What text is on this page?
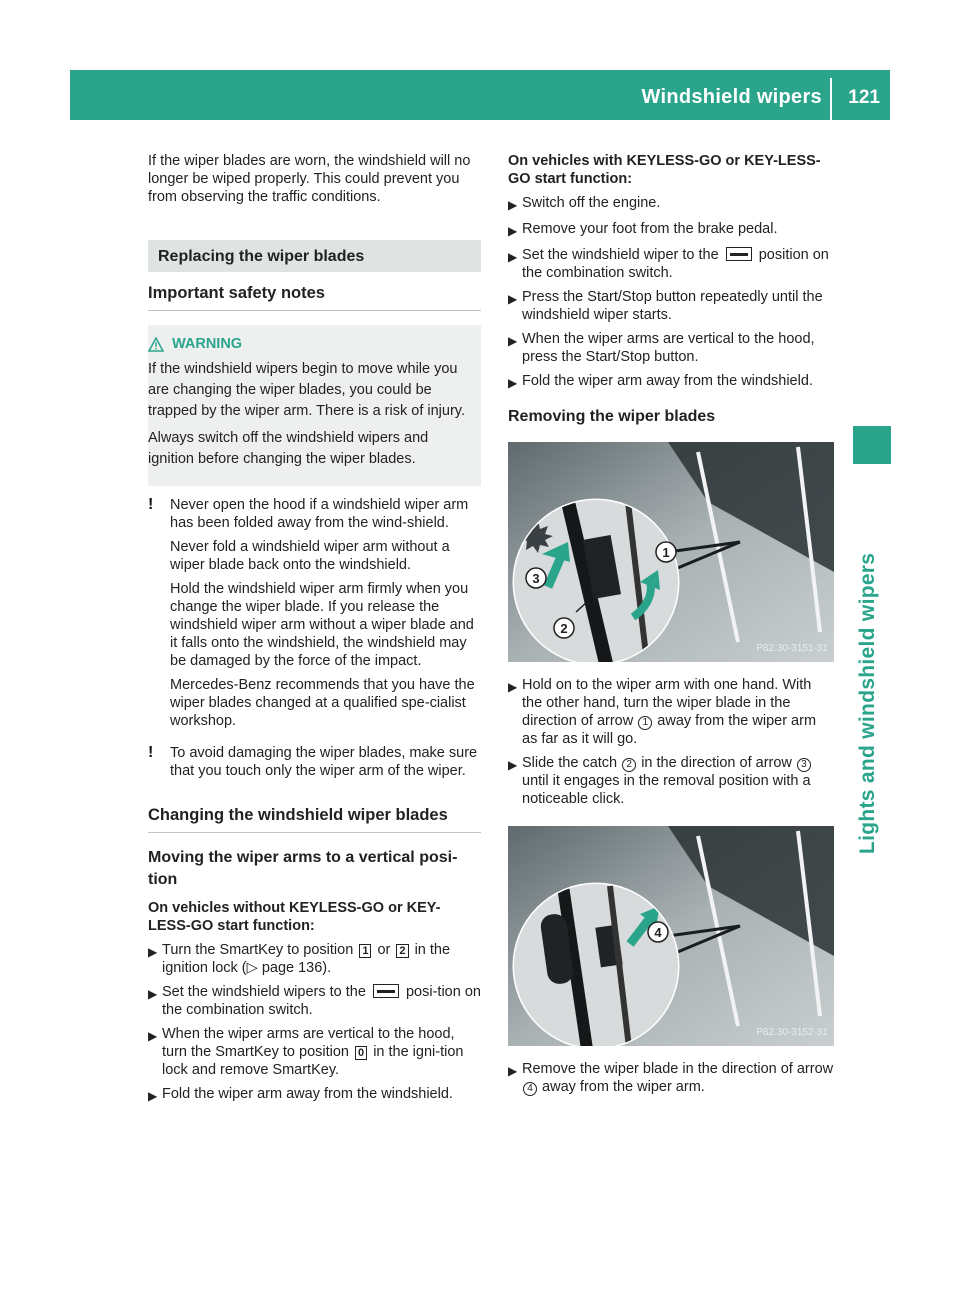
Windshield wipers 121
Lights and windshield wipers

If the wiper blades are worn, the windshield will no longer be wiped properly. This could prevent you from observing the traffic conditions.

Replacing the wiper blades
Important safety notes
WARNING

If the windshield wipers begin to move while you are changing the wiper blades, you could be trapped by the wiper arm. There is a risk of injury.

Always switch off the windshield wipers and ignition before changing the wiper blades.

!	Never open the hood if a windshield wiper arm has been folded away from the wind-shield.

Never fold a windshield wiper arm without a wiper blade back onto the windshield.

Hold the windshield wiper arm firmly when you change the wiper blade. If you release the windshield wiper arm without a wiper blade and it falls onto the windshield, the windshield may be damaged by the force of the impact.

Mercedes-Benz recommends that you have the wiper blades changed at a qualified spe-cialist workshop.

!	To avoid damaging the wiper blades, make sure that you touch only the wiper arm of the wiper.

Changing the windshield wiper blades
Moving the wiper arms to a vertical posi-tion
On vehicles without KEYLESS-GO or KEY-LESS-GO start function:
▶ Turn the SmartKey to position 1 or 2 in the ignition lock (▷ page 136).
▶ Set the windshield wipers to the	posi-tion on the combination switch.
▶ When the wiper arms are vertical to the hood, turn the SmartKey to position 0 in the igni-tion lock and remove SmartKey.
▶ Fold the wiper arm away from the windshield.
On vehicles with KEYLESS-GO or KEY-LESS-GO start function:
▶ Switch off the engine.
▶ Remove your foot from the brake pedal.
▶ Set the windshield wiper to the	position on the combination switch.
▶ Press the Start/Stop button repeatedly until the windshield wiper starts.
▶ When the wiper arms are vertical to the hood, press the Start/Stop button.
▶ Fold the wiper arm away from the windshield.
Removing the wiper blades
1
2
3
P82.30-3151-31
▶ Hold on to the wiper arm with one hand. With the other hand, turn the wiper blade in the direction of arrow 1 away from the wiper arm as far as it will go.
▶ Slide the catch 2 in the direction of arrow 3 until it engages in the removal position with a noticeable click.
4
P82.30-3152-31
▶ Remove the wiper blade in the direction of arrow 4 away from the wiper arm.
